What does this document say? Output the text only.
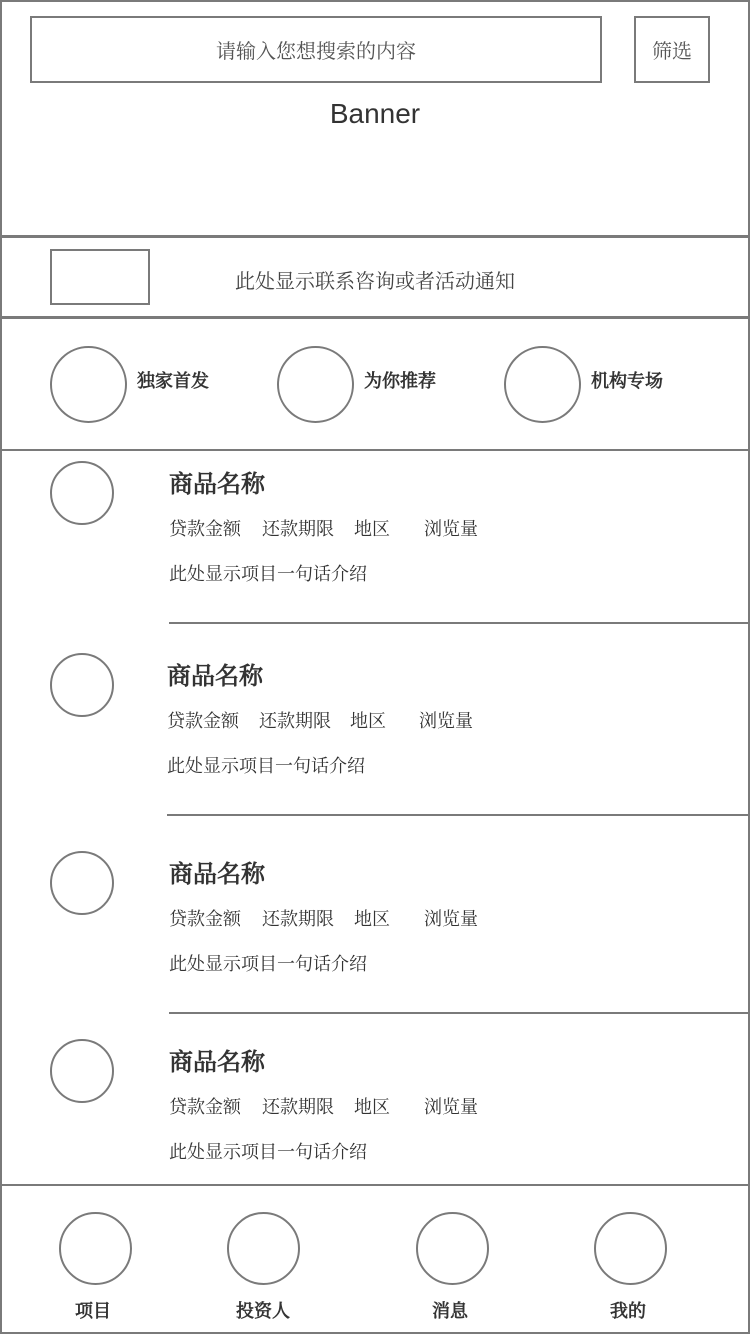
请输入您想搜索的内容	筛选
Banner
此处显示联系咨询或者活动通知
独家首发	为你推荐	机构专场
商品名称
贷款金额 还款期限 地区 浏览量
此处显示项目一句话介绍
商品名称
贷款金额 还款期限 地区 浏览量
此处显示项目一句话介绍
商品名称
贷款金额 还款期限 地区 浏览量
此处显示项目一句话介绍
商品名称
贷款金额 还款期限 地区 浏览量
此处显示项目一句话介绍
项目	投资人	消息	我的
